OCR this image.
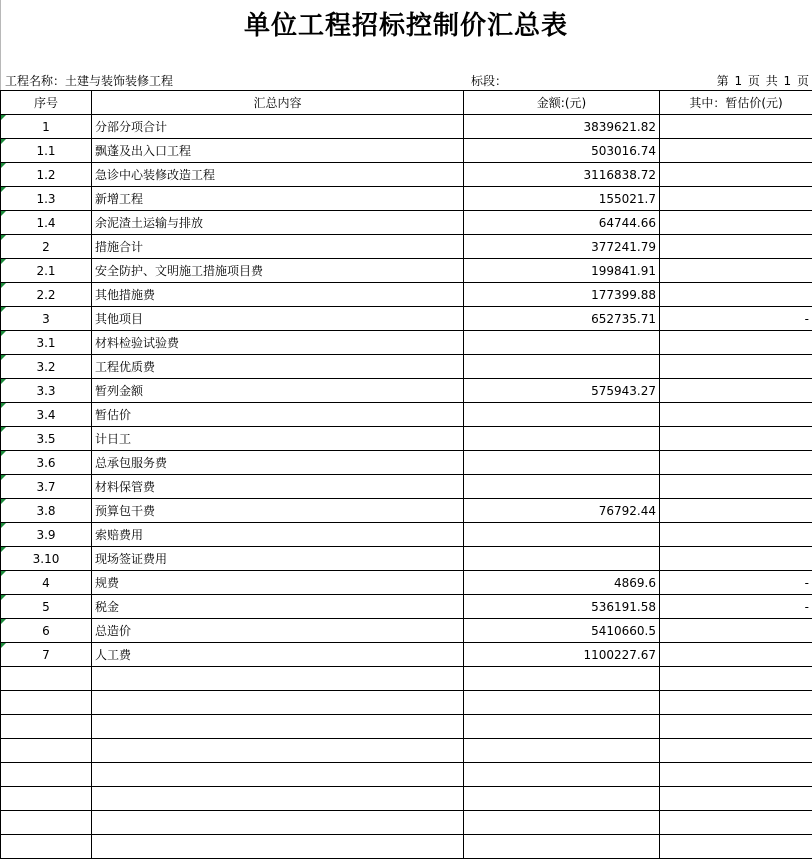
单位工程招标控制价汇总表
工程名称：土建与装饰装修工程	标段：	第 1 页 共 1 页
序号	汇总内容	金额:(元)	其中：暂估价(元)
1	分部分项合计	3839621.82	
1.1	飘蓬及出入口工程	503016.74	
1.2	急诊中心装修改造工程	3116838.72	
1.3	新增工程	155021.7	
1.4	余泥渣土运输与排放	64744.66	
2	措施合计	377241.79	
2.1	安全防护、文明施工措施项目费	199841.91	
2.2	其他措施费	177399.88	
3	其他项目	652735.71	-
3.1	材料检验试验费		
3.2	工程优质费		
3.3	暂列金额	575943.27	
3.4	暂估价		
3.5	计日工		
3.6	总承包服务费		
3.7	材料保管费		
3.8	预算包干费	76792.44	
3.9	索赔费用		
3.10	现场签证费用		
4	规费	4869.6	-
5	税金	536191.58	-
6	总造价	5410660.5	
7	人工费	1100227.67	
